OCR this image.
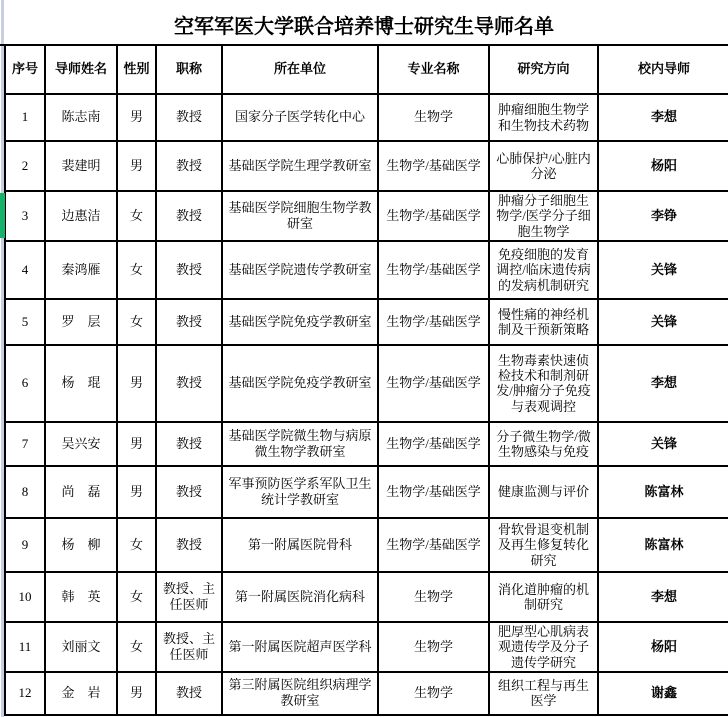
空军军医大学联合培养博士研究生导师名单
序号	导师姓名	性别	职称	所在单位	专业名称	研究方向	校内导师
1	陈志南	男	教授	国家分子医学转化中心	生物学	肿瘤细胞生物学和生物技术药物	李想
2	裴建明	男	教授	基础医学院生理学教研室	生物学/基础医学	心肺保护/心脏内分泌	杨阳
3	边惠洁	女	教授	基础医学院细胞生物学教研室	生物学/基础医学	肿瘤分子细胞生物学/医学分子细胞生物学	李铮
4	秦鸿雁	女	教授	基础医学院遗传学教研室	生物学/基础医学	免疫细胞的发育调控/临床遗传病的发病机制研究	关锋
5	罗　层	女	教授	基础医学院免疫学教研室	生物学/基础医学	慢性痛的神经机制及干预新策略	关锋
6	杨　琨	男	教授	基础医学院免疫学教研室	生物学/基础医学	生物毒素快速侦检技术和制剂研发/肿瘤分子免疫与表观调控	李想
7	吴兴安	男	教授	基础医学院微生物与病原微生物学教研室	生物学/基础医学	分子微生物学/微生物感染与免疫	关锋
8	尚　磊	男	教授	军事预防医学系军队卫生统计学教研室	生物学/基础医学	健康监测与评价	陈富林
9	杨　柳	女	教授	第一附属医院骨科	生物学/基础医学	骨软骨退变机制及再生修复转化研究	陈富林
10	韩　英	女	教授、主任医师	第一附属医院消化病科	生物学	消化道肿瘤的机制研究	李想
11	刘丽文	女	教授、主任医师	第一附属医院超声医学科	生物学	肥厚型心肌病表观遗传学及分子遗传学研究	杨阳
12	金　岩	男	教授	第三附属医院组织病理学教研室	生物学	组织工程与再生医学	谢鑫
